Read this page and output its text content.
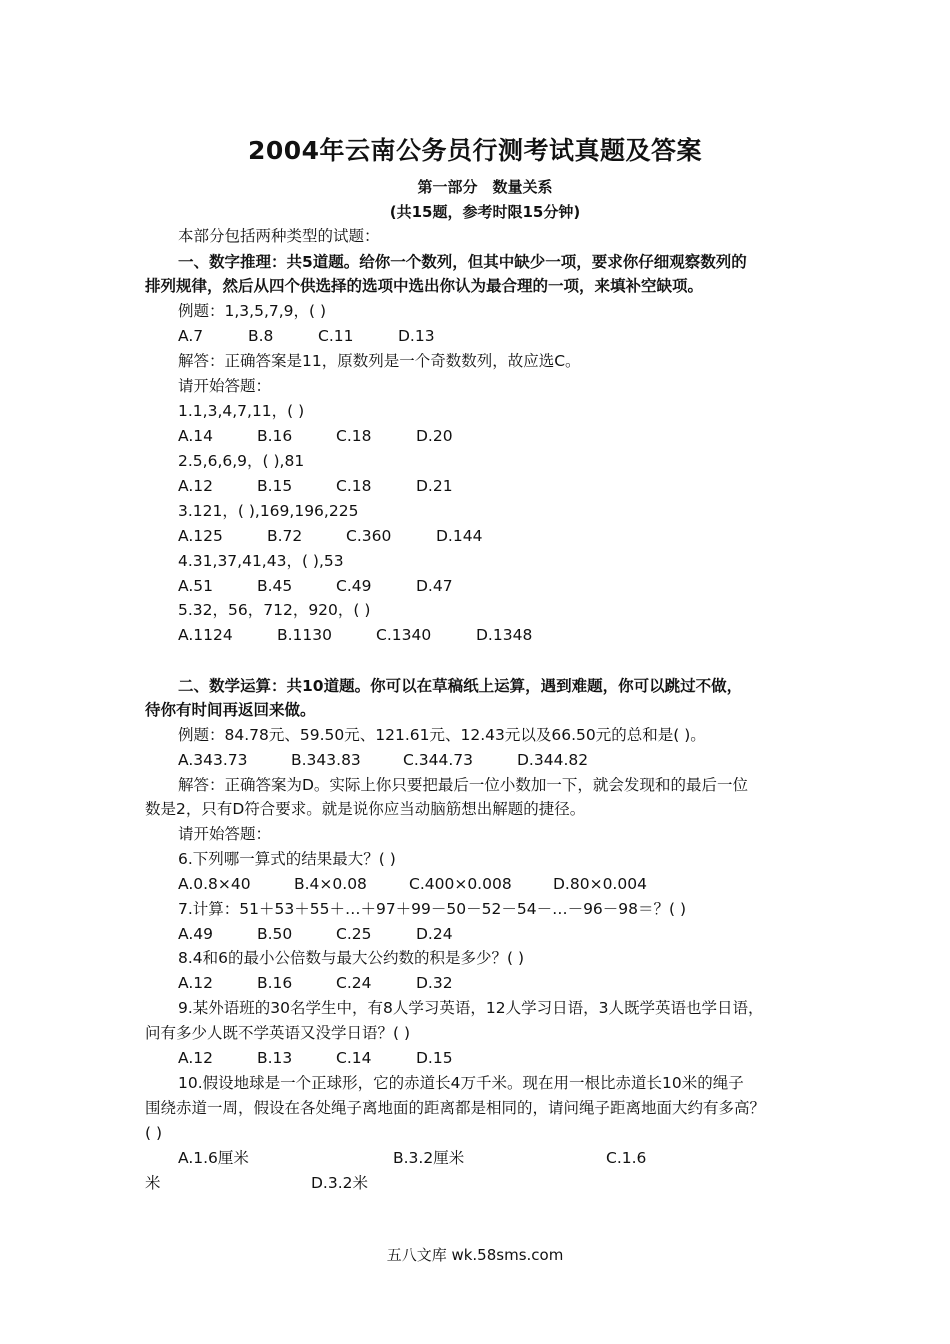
2004年云南公务员行测考试真题及答案
第一部分　数量关系
(共15题，参考时限15分钟)
本部分包括两种类型的试题：
一、数字推理：共5道题。给你一个数列，但其中缺少一项，要求你仔细观察数列的
排列规律，然后从四个供选择的选项中选出你认为最合理的一项，来填补空缺项。
例题：1,3,5,7,9，( )
A.7	B.8	C.11	D.13
解答：正确答案是11，原数列是一个奇数数列，故应选C。
请开始答题：
1.1,3,4,7,11，( )
A.14	B.16	C.18	D.20
2.5,6,6,9，( ),81
A.12	B.15	C.18	D.21
3.121，( ),169,196,225
A.125	B.72	C.360	D.144
4.31,37,41,43，( ),53
A.51	B.45	C.49	D.47
5.32，56，712，920，( )
A.1124	B.1130	C.1340	D.1348
二、数学运算：共10道题。你可以在草稿纸上运算，遇到难题，你可以跳过不做，
待你有时间再返回来做。
例题：84.78元、59.50元、121.61元、12.43元以及66.50元的总和是( )。
A.343.73	B.343.83	C.344.73	D.344.82
解答：正确答案为D。实际上你只要把最后一位小数加一下，就会发现和的最后一位
数是2，只有D符合要求。就是说你应当动脑筋想出解题的捷径。
请开始答题：
6.下列哪一算式的结果最大？( )
A.0.8×40	B.4×0.08	C.400×0.008	D.80×0.004
7.计算：51＋53＋55＋…＋97＋99－50－52－54－…－96－98＝？( )
A.49	B.50	C.25	D.24
8.4和6的最小公倍数与最大公约数的积是多少？( )
A.12	B.16	C.24	D.32
9.某外语班的30名学生中，有8人学习英语，12人学习日语，3人既学英语也学日语，
问有多少人既不学英语又没学日语？( )
A.12	B.13	C.14	D.15
10.假设地球是一个正球形，它的赤道长4万千米。现在用一根比赤道长10米的绳子
围绕赤道一周，假设在各处绳子离地面的距离都是相同的，请问绳子距离地面大约有多高？
( )
A.1.6厘米	B.3.2厘米	C.1.6
米	D.3.2米
五八文库 wk.58sms.com
